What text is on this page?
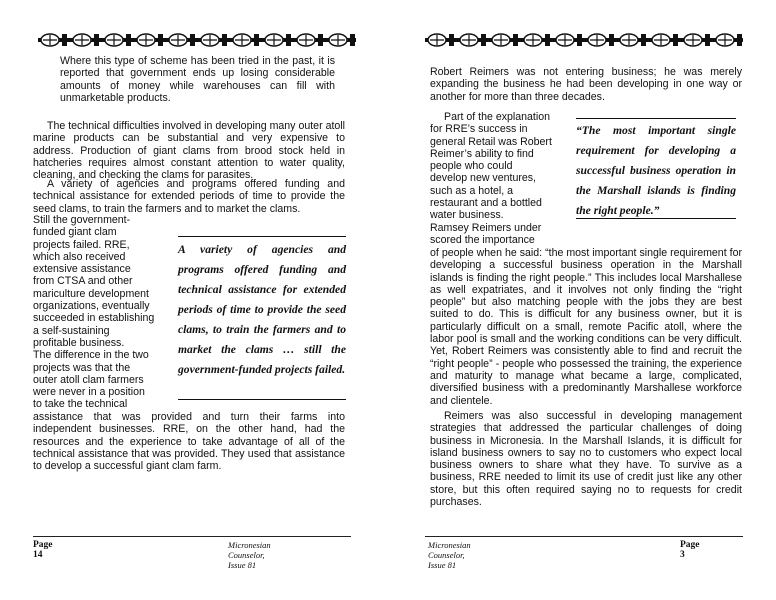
Where this type of scheme has been tried in the past, it is reported that government ends up losing considerable amounts of money while warehouses can fill with unmarketable products.

The technical difficulties involved in developing many outer atoll marine products can be substantial and very expensive to address. Production of giant clams from brood stock held in hatcheries requires almost constant attention to water quality, cleaning, and checking the clams for parasites.

A variety of agencies and programs offered funding and technical assistance for extended periods of time to provide the seed clams, to train the farmers and to market the clams.

Still the government-
funded giant clam
projects failed. RRE,
which also received
extensive assistance
from CTSA and other
mariculture development
organizations, eventually
succeeded in establishing
a self-sustaining
profitable business.
The difference in the two
projects was that the
outer atoll clam farmers
were never in a position
to take the technical

assistance that was provided and turn their farms into independent businesses. RRE, on the other hand, had the resources and the experience to take advantage of all of the technical assistance that was provided. They used that assistance to develop a successful giant clam farm.

A variety of agencies and programs offered funding and technical assistance for extended periods of time to provide the seed clams, to train the farmers and to market the clams … still the government-funded projects failed.
Page 14
Micronesian Counselor, Issue 81

Robert Reimers was not entering business; he was merely expanding the business he had been developing in one way or another for more than three decades.

Part of the explanation
for RRE’s success in
general Retail was Robert
Reimer’s ability to find
people who could
develop new ventures,
such as a hotel, a
restaurant and a bottled
water business.
Ramsey Reimers under
scored the importance

of people when he said: “the most important single requirement for developing a successful business operation in the Marshall islands is finding the right people.” This includes local Marshallese as well expatriates, and it involves not only finding the “right people” but also matching people with the jobs they are best suited to do. This is difficult for any business owner, but it is particularly difficult on a small, remote Pacific atoll, where the labor pool is small and the working conditions can be very difficult. Yet, Robert Reimers was consistently able to find and recruit the “right people” - people who possessed the training, the experience and maturity to manage what became a large, complicated, diversified business with a predominantly Marshallese workforce and clientele.

Reimers was also successful in developing management strategies that addressed the particular challenges of doing business in Micronesia. In the Marshall Islands, it is difficult for island business owners to say no to customers who expect local business owners to share what they have. To survive as a business, RRE needed to limit its use of credit just like any other store, but this often required saying no to requests for credit purchases.

“The most important single requirement for developing a successful business operation in the Marshall islands is finding the right people.”
Micronesian Counselor, Issue 81
Page 3
